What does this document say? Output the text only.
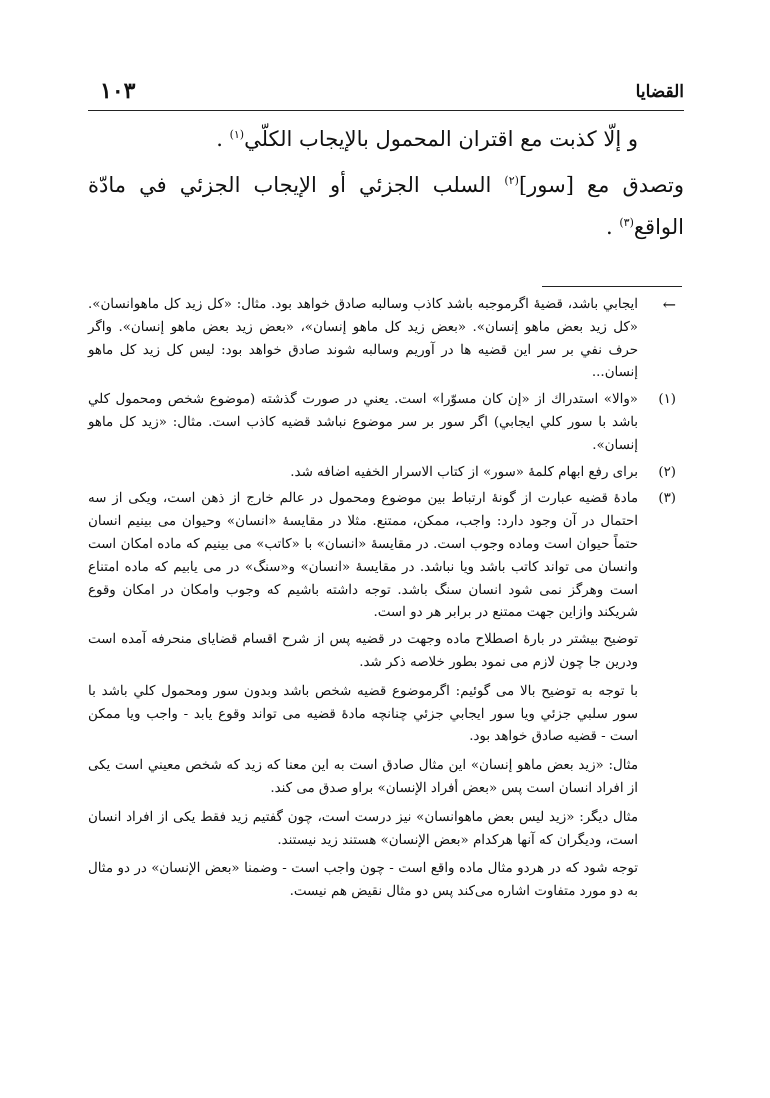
١٠٣	القضايا

و إلّا كذبت مع اقتران المحمول بالإيجاب الكلّي$^{(١)}$ .

وتصدق مع [سور]$^{(٢)}$ السلب الجزئي أو الإيجاب الجزئي في مادّة

الواقع$^{(٣)}$ .

←
ايجابي باشد، قضيهٔ اگرموجبه باشد كاذب وسالبه صادق خواهد بود. مثال: «كل زيد كل ماهوانسان». «كل زيد بعض ماهو إنسان». «بعض زيد كل ماهو إنسان»، «بعض زيد بعض ماهو إنسان». واگر حرف نفي بر سر اين قضيه ها در آوريم وسالبه شوند صادق خواهد بود: ليس كل زيد كل ماهو إنسان...

(١)
«والا» استدراك از «إن كان مسوّرا» است. يعني در صورت گذشته (موضوع شخص ومحمول كلي باشد با سور كلي ايجابي) اگر سور بر سر موضوع نباشد قضيه كاذب است. مثال: «زيد كل ماهو إنسان».

(٢)
براى رفع ابهام كلمهٔ «سور» از كتاب الاسرار الخفيه اضافه شد.

(٣)
مادهٔ قضيه عبارت از گونهٔ ارتباط بين موضوع ومحمول در عالم خارج از ذهن است، ويكى از سه احتمال در آن وجود دارد: واجب، ممكن، ممتنع. مثلا در مقايسهٔ «انسان» وحيوان مى بينيم انسان حتماً حيوان است وماده وجوب است. در مقايسهٔ «انسان» با «كاتب» مى بينيم كه ماده امكان است وانسان مى تواند كاتب باشد ويا نباشد. در مقايسهٔ «انسان» و«سنگ» در مى يابيم كه ماده امتناع است وهرگز نمى شود انسان سنگ باشد. توجه داشته باشيم كه وجوب وامكان در امكان وقوع شريكند وازاين جهت ممتنع در برابر هر دو است.

توضيح بيشتر در بارهٔ اصطلاح ماده وجهت در قضيه پس از شرح اقسام قضاياى منحرفه آمده است ودرين جا چون لازم مى نمود بطور خلاصه ذكر شد.

با توجه به توضيح بالا مى گوئيم: اگرموضوع قضيه شخص باشد وبدون سور ومحمول كلي باشد با سور سلبي جزئي ويا سور ايجابي جزئي چنانچه مادهٔ قضيه مى تواند وقوع يابد - واجب ويا ممكن است - قضيه صادق خواهد بود.

مثال: «زيد بعض ماهو إنسان» اين مثال صادق است به اين معنا كه زيد كه شخص معيني است يكى از افراد انسان است پس «بعض أفراد الإنسان» براو صدق مى كند.

مثال ديگر: «زيد ليس بعض ماهوانسان» نيز درست است، چون گفتيم زيد فقط يكى از افراد انسان است، وديگران كه آنها هركدام «بعض الإنسان» هستند زيد نيستند.

توجه شود كه در هردو مثال ماده واقع است - چون واجب است - وضمنا «بعض الإنسان» در دو مثال به دو مورد متفاوت اشاره مى‌كند پس دو مثال نقيض هم نيست.
